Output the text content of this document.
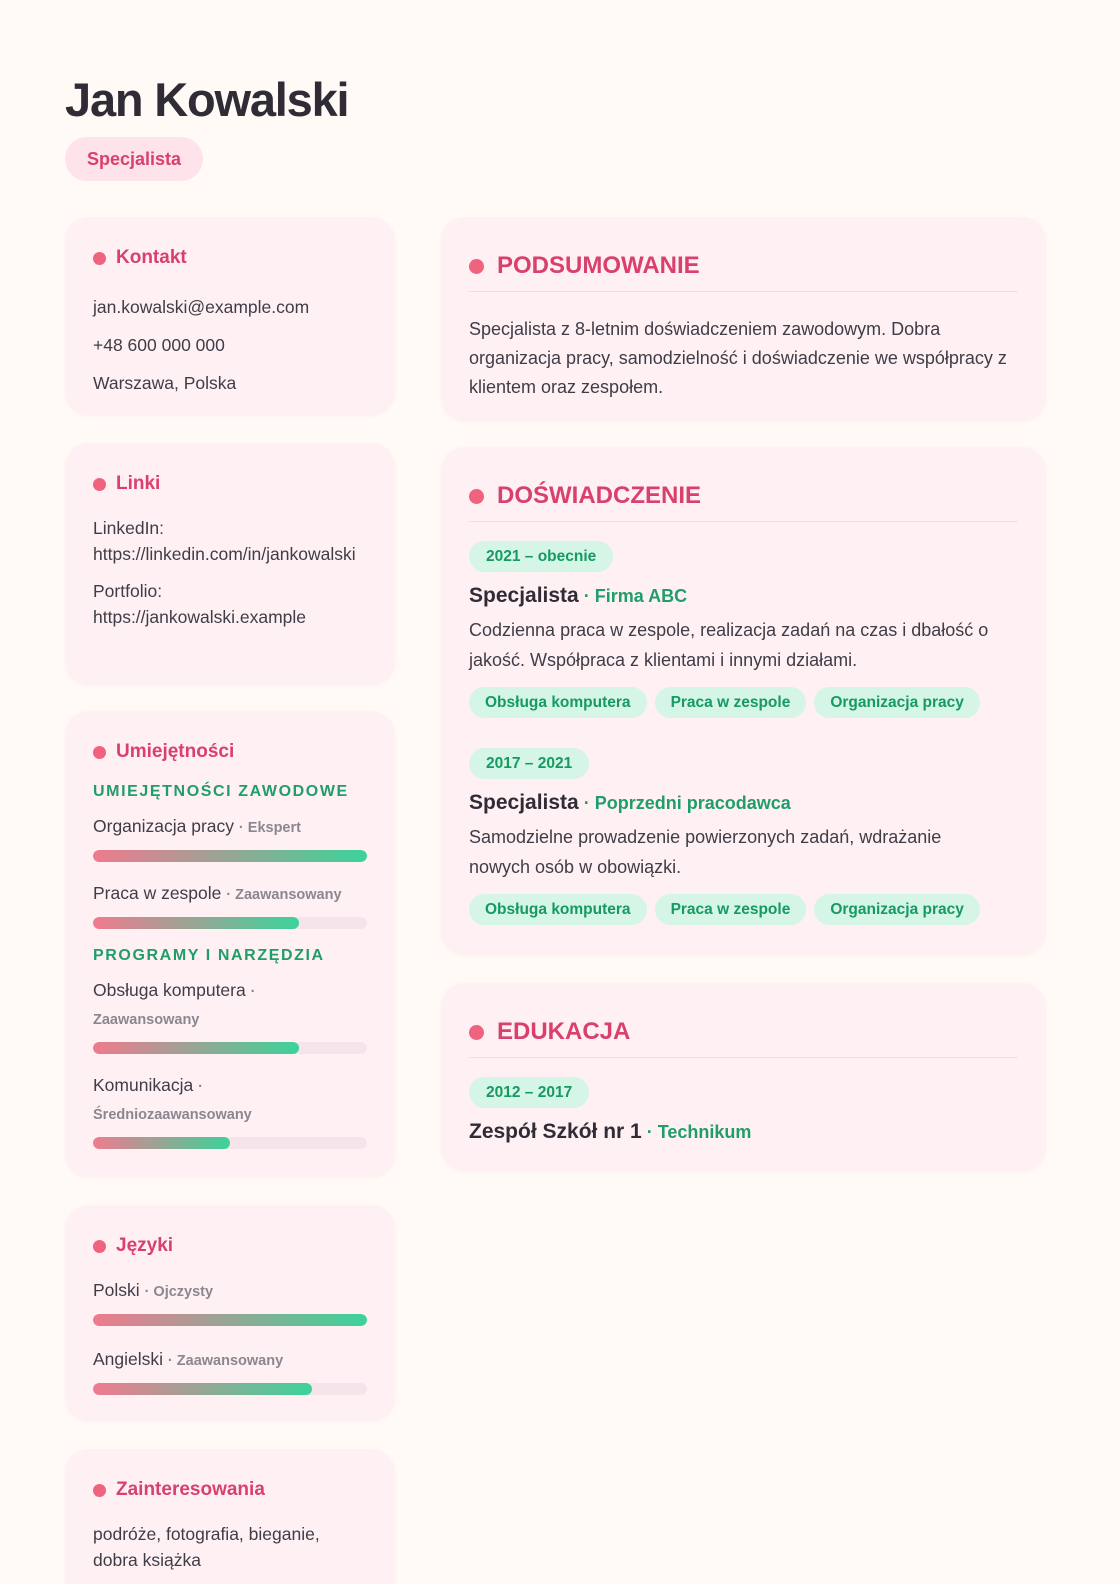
Jan Kowalski
Specjalista
Kontakt
jan.kowalski@example.com
+48 600 000 000
Warszawa, Polska
Linki
LinkedIn:
https://linkedin.com/in/jankowalski
Portfolio:
https://jankowalski.example
Umiejętności
UMIEJĘTNOŚCI ZAWODOWE
Organizacja pracy · Ekspert
Praca w zespole · Zaawansowany
PROGRAMY I NARZĘDZIA
Obsługa komputera · Zaawansowany
Komunikacja · Średniozaawansowany
Języki
Polski · Ojczysty
Angielski · Zaawansowany
Zainteresowania
podróże, fotografia, bieganie, dobra książka
PODSUMOWANIE
Specjalista z 8-letnim doświadczeniem zawodowym. Dobra organizacja pracy, samodzielność i doświadczenie we współpracy z klientem oraz zespołem.
DOŚWIADCZENIE
2021 – obecnie
Specjalista · Firma ABC
Codzienna praca w zespole, realizacja zadań na czas i dbałość o jakość. Współpraca z klientami i innymi działami.
Obsługa komputera	Praca w zespole	Organizacja pracy
2017 – 2021
Specjalista · Poprzedni pracodawca
Samodzielne prowadzenie powierzonych zadań, wdrażanie nowych osób w obowiązki.
Obsługa komputera	Praca w zespole	Organizacja pracy
EDUKACJA
2012 – 2017
Zespół Szkół nr 1 · Technikum
